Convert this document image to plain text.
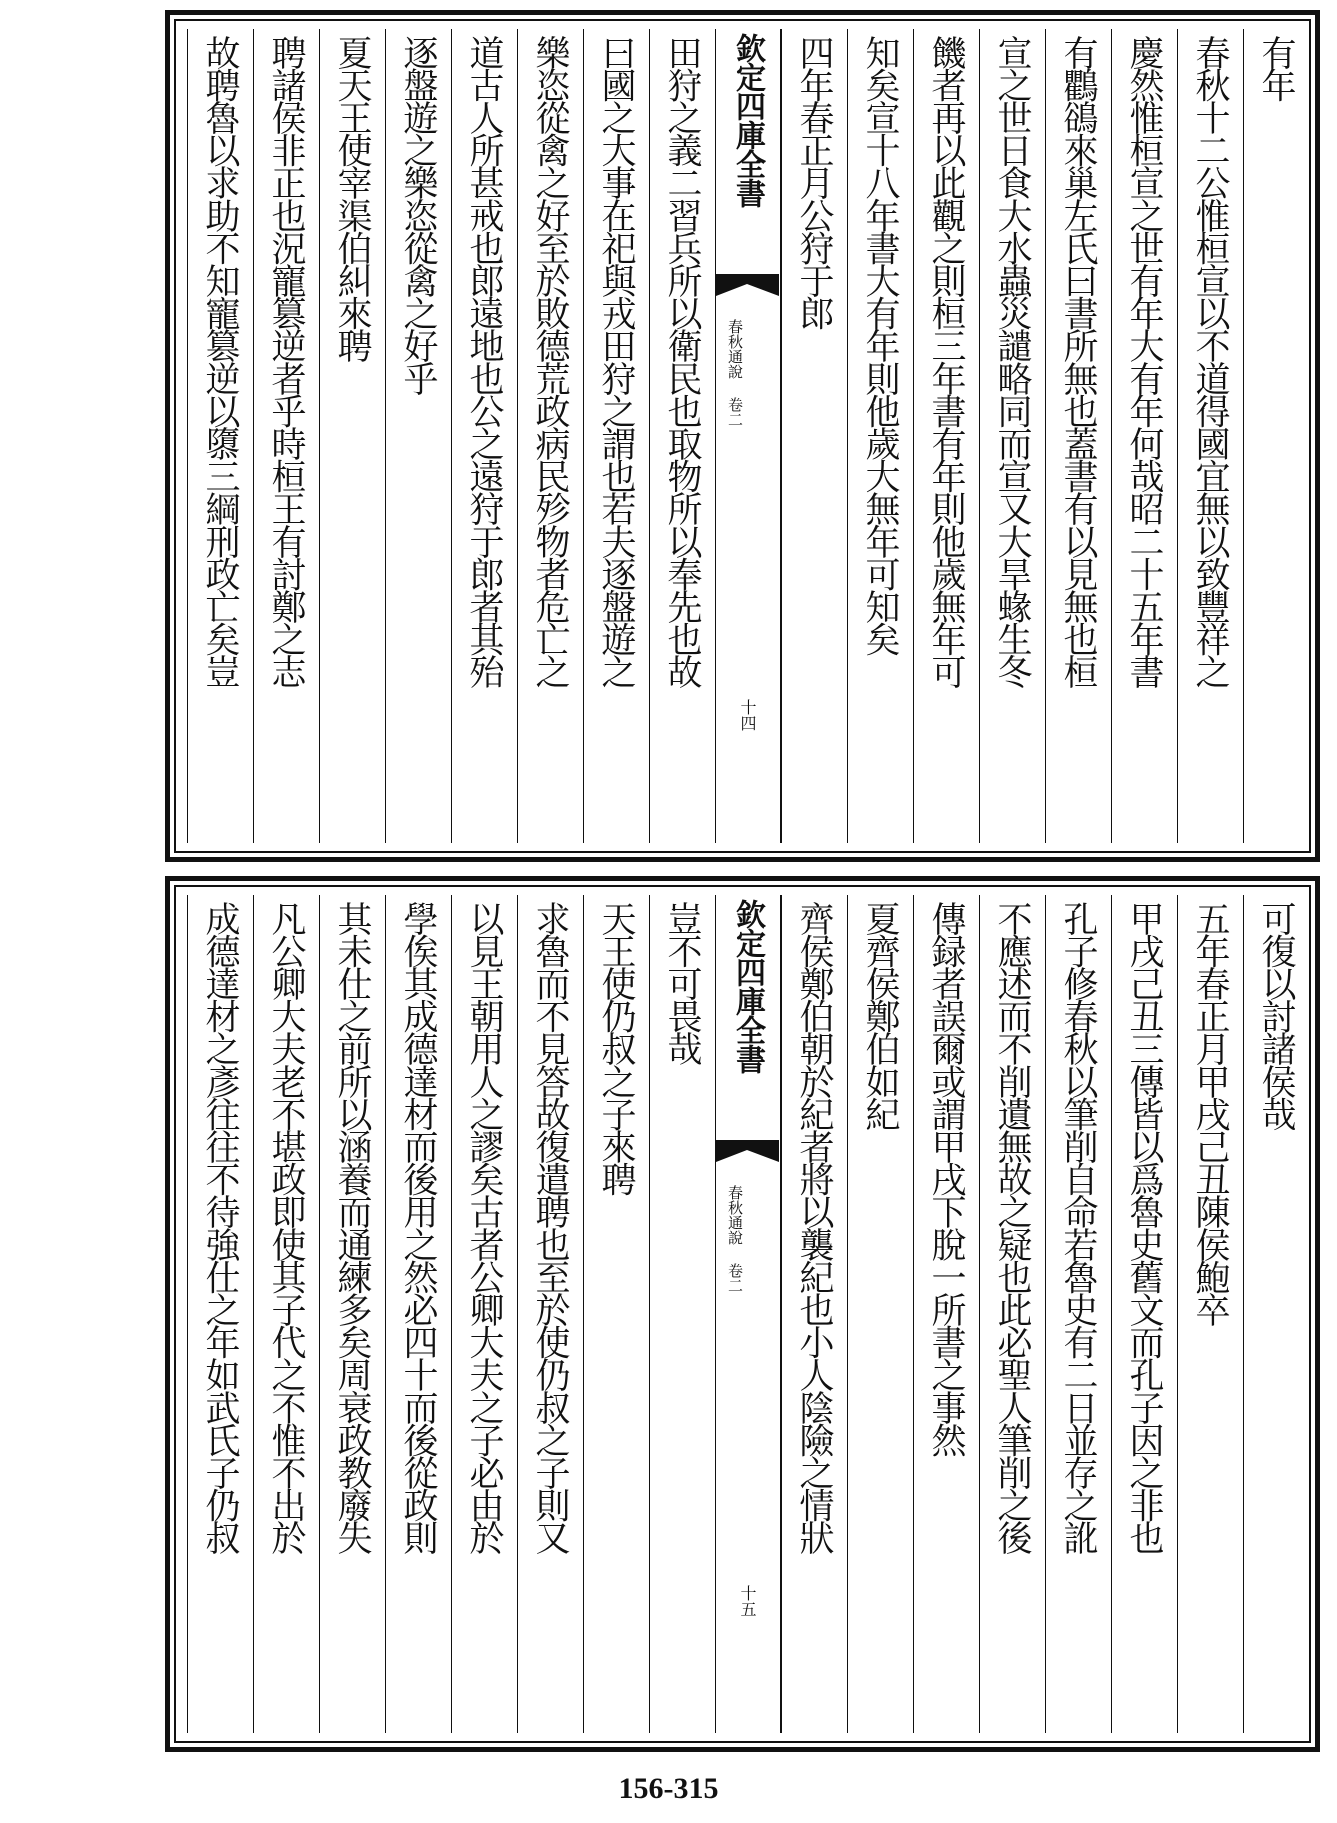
有年
春秋十二公惟桓宣以不道得國宜無以致豐祥之
慶然惟桓宣之世有年大有年何哉昭二十五年書
有鸜鵒來巢左氏曰書所無也蓋書有以見無也桓
宣之世日食大水蟲災譴略同而宣又大旱蝝生冬
饑者再以此觀之則桓三年書有年則他歲無年可
知矣宣十八年書大有年則他歲大無年可知矣
四年春正月公狩于郎
欽定四庫全書
春秋通說 卷二
十四
田狩之義二習兵所以衛民也取物所以奉先也故
曰國之大事在祀與戎田狩之謂也若夫逐盤遊之
樂恣從禽之好至於敗德荒政病民殄物者危亡之
道古人所甚戒也郎遠地也公之遠狩于郎者其殆
逐盤遊之樂恣從禽之好乎
夏天王使宰渠伯糾來聘
聘諸侯非正也況寵篡逆者乎時桓王有討鄭之志
故聘魯以求助不知寵篡逆以隳三綱刑政亡矣豈
可復以討諸侯哉
五年春正月甲戌己丑陳侯鮑卒
甲戌己丑三傳皆以爲魯史舊文而孔子因之非也
孔子修春秋以筆削自命若魯史有二日並存之訛
不應述而不削遺無故之疑也此必聖人筆削之後
傳録者誤爾或謂甲戌下脫一所書之事然
夏齊侯鄭伯如紀
齊侯鄭伯朝於紀者將以襲紀也小人陰險之情狀
欽定四庫全書
春秋通說 卷二
十五
豈不可畏哉
天王使仍叔之子來聘
求魯而不見答故復遣聘也至於使仍叔之子則又
以見王朝用人之謬矣古者公卿大夫之子必由於
學俟其成德達材而後用之然必四十而後從政則
其未仕之前所以涵養而通練多矣周衰政教廢失
凡公卿大夫老不堪政即使其子代之不惟不出於
成德達材之彥往往不待強仕之年如武氏子仍叔
156-315
